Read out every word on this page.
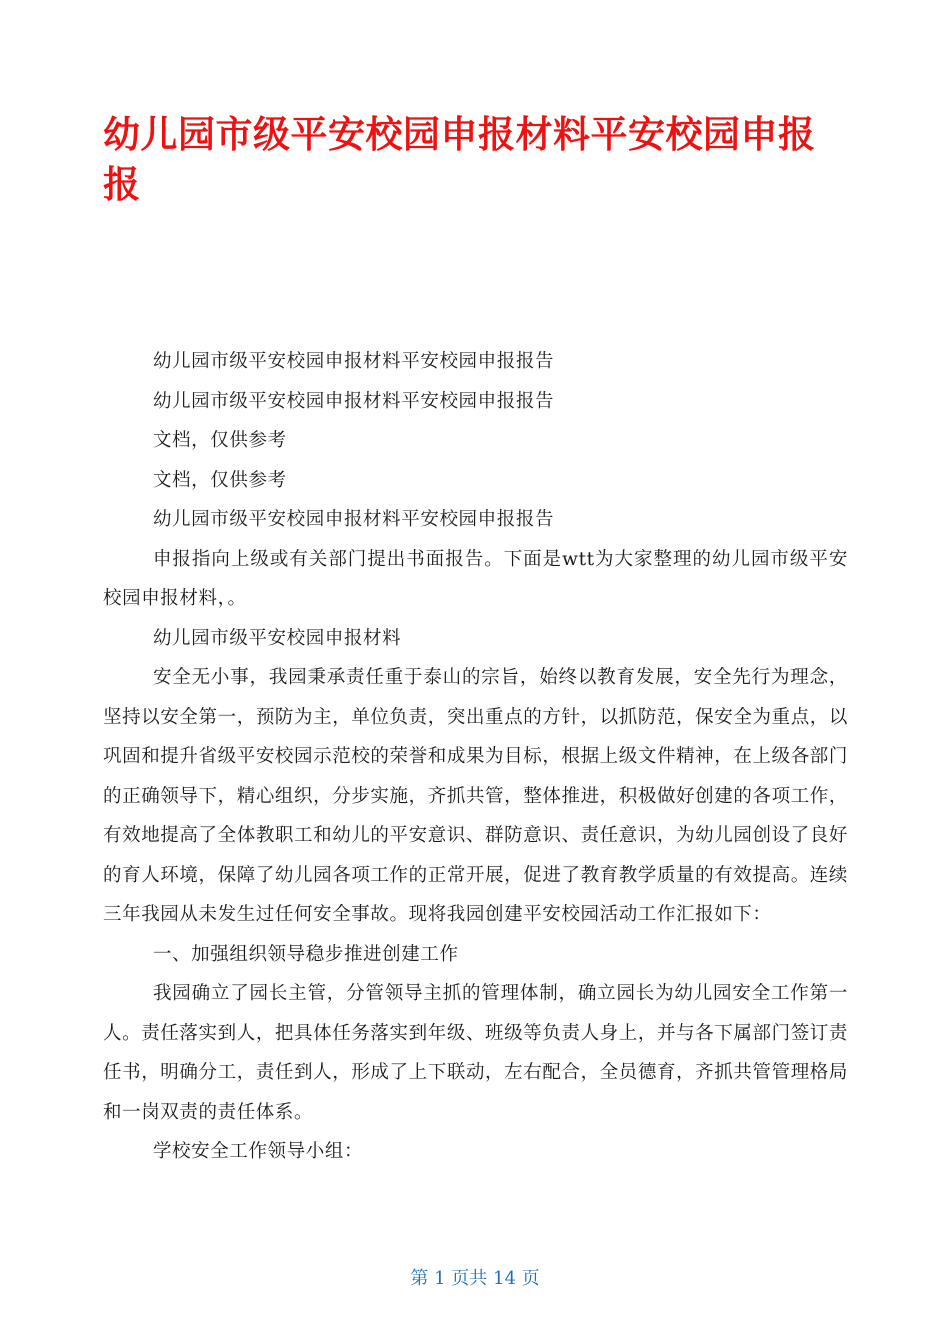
幼儿园市级平安校园申报材料平安校园申报报

幼儿园市级平安校园申报材料平安校园申报报告

幼儿园市级平安校园申报材料平安校园申报报告

文档，仅供参考

文档，仅供参考

幼儿园市级平安校园申报材料平安校园申报报告

申报指向上级或有关部门提出书面报告。下面是wtt为大家整理的幼儿园市级平安校园申报材料，。

幼儿园市级平安校园申报材料

安全无小事，我园秉承责任重于泰山的宗旨，始终以教育发展，安全先行为理念，坚持以安全第一，预防为主，单位负责，突出重点的方针，以抓防范，保安全为重点，以巩固和提升省级平安校园示范校的荣誉和成果为目标，根据上级文件精神，在上级各部门的正确领导下，精心组织，分步实施，齐抓共管，整体推进，积极做好创建的各项工作，有效地提高了全体教职工和幼儿的平安意识、群防意识、责任意识，为幼儿园创设了良好的育人环境，保障了幼儿园各项工作的正常开展，促进了教育教学质量的有效提高。连续三年我园从未发生过任何安全事故。现将我园创建平安校园活动工作汇报如下：

一、加强组织领导稳步推进创建工作

我园确立了园长主管，分管领导主抓的管理体制，确立园长为幼儿园安全工作第一人。责任落实到人，把具体任务落实到年级、班级等负责人身上，并与各下属部门签订责任书，明确分工，责任到人，形成了上下联动，左右配合，全员德育，齐抓共管管理格局和一岗双责的责任体系。

学校安全工作领导小组：

第 1 页共 14 页
